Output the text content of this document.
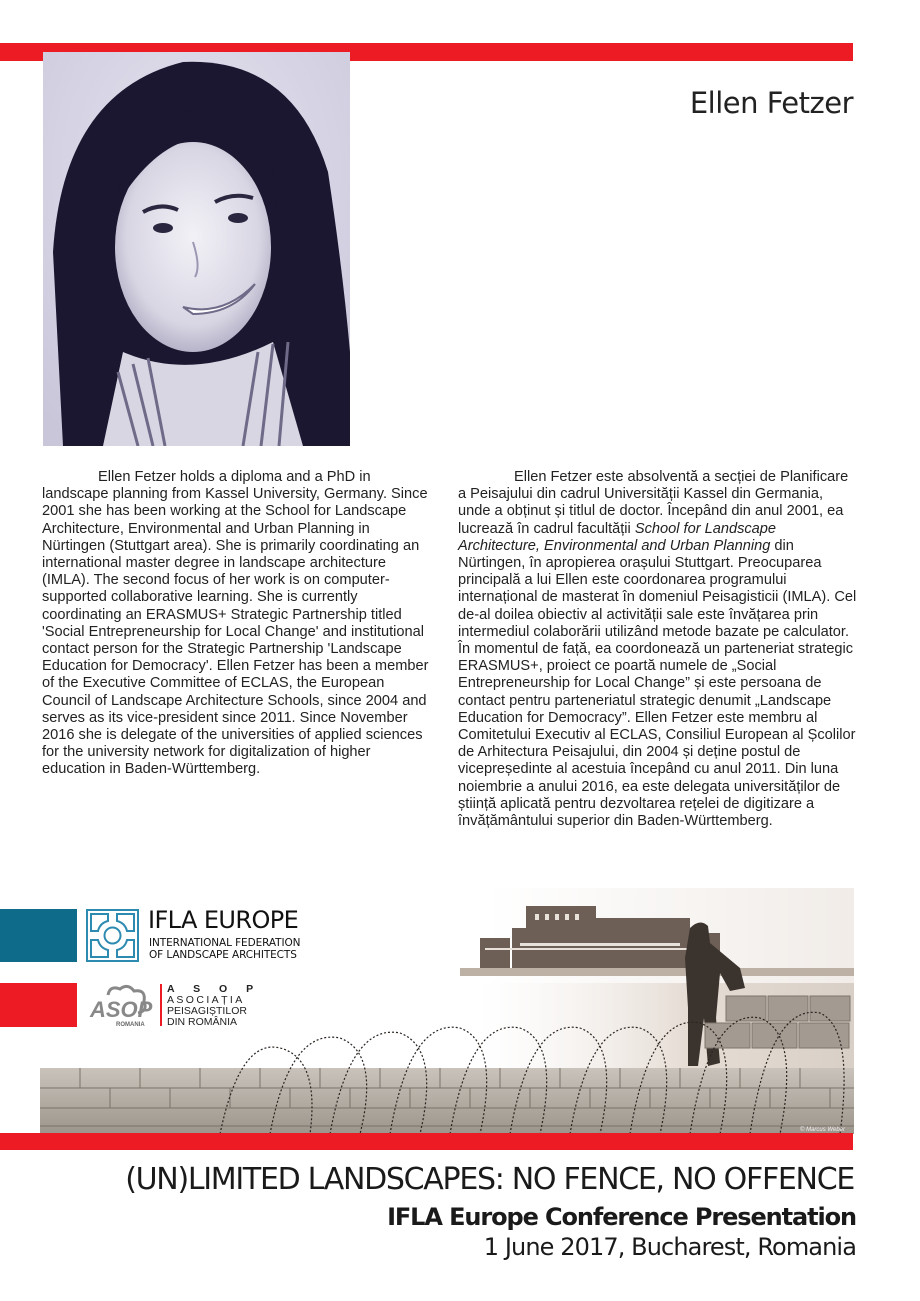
Ellen Fetzer

Ellen Fetzer holds a diploma and a PhD in landscape planning from Kassel University, Germany. Since 2001 she has been working at the School for Landscape Architecture, Environmental and Urban Planning in Nürtingen (Stuttgart area). She is primarily coordinating an international master degree in landscape architecture (IMLA). The second focus of her work is on computer-supported collaborative learning. She is currently coordinating an ERASMUS+ Strategic Partnership titled 'Social Entrepreneurship for Local Change' and institutional contact person for the Strategic Partnership 'Landscape Education for Democracy'. Ellen Fetzer has been a member of the Executive Committee of ECLAS, the European Council of Landscape Architecture Schools, since 2004 and serves as its vice-president since 2011. Since November 2016 she is delegate of the universities of applied sciences for the university network for digitalization of higher education in Baden-Württemberg.

Ellen Fetzer este absolventă a secției de Planificare a Peisajului din cadrul Universității Kassel din Germania, unde a obținut și titlul de doctor. Începând din anul 2001, ea lucrează în cadrul facultății School for Landscape Architecture, Environmental and Urban Planning din Nürtingen, în apropierea orașului Stuttgart. Preocuparea principală a lui Ellen este coordonarea programului internațional de masterat în domeniul Peisagisticii (IMLA). Cel de-al doilea obiectiv al activității sale este învățarea prin intermediul colaborării utilizând metode bazate pe calculator. În momentul de față, ea coordonează un parteneriat strategic ERASMUS+, proiect ce poartă numele de „Social Entrepreneurship for Local Change” și este persoana de contact pentru parteneriatul strategic denumit „Landscape Education for Democracy”. Ellen Fetzer este membru al Comitetului Executiv al ECLAS, Consiliul European al Școlilor de Arhitectura Peisajului, din 2004 și deține postul de vicepreședinte al acestuia începând cu anul 2011. Din luna noiembrie a anului 2016, ea este delegata universităților de știință aplicată pentru dezvoltarea rețelei de digitizare a învățământului superior din Baden-Württemberg.

IFLA EUROPE
INTERNATIONAL FEDERATION
OF LANDSCAPE ARCHITECTS
ASOP
ROMANIA
A S O P
ASOCIAȚIA
PEISAGIȘTILOR
DIN ROMÂNIA
© Marcus Weber
(UN)LIMITED LANDSCAPES: NO FENCE, NO OFFENCE
IFLA Europe Conference Presentation
1 June 2017, Bucharest, Romania
